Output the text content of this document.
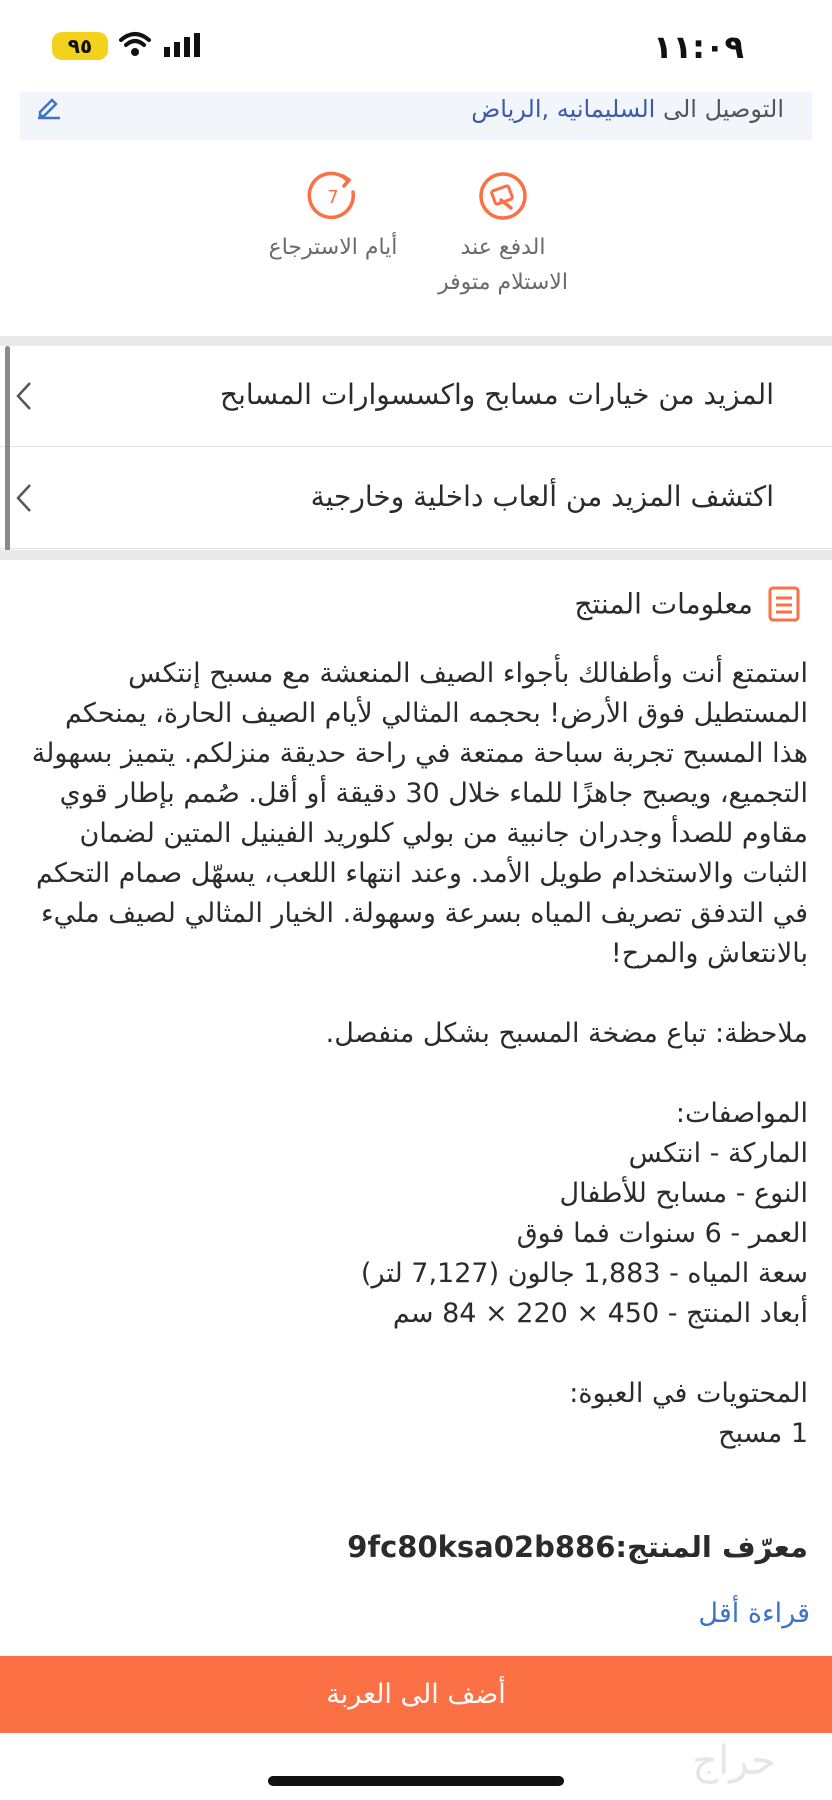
١١:٠٩
٩٥
التوصيل الى السليمانيه ,الرياض
الدفع عند
الاستلام متوفر
7
أيام الاسترجاع
المزيد من خيارات مسابح واكسسوارات المسابح
اكتشف المزيد من ألعاب داخلية وخارجية
معلومات المنتج

استمتع أنت وأطفالك بأجواء الصيف المنعشة مع مسبح إنتكس المستطيل فوق الأرض! بحجمه المثالي لأيام الصيف الحارة، يمنحكم هذا المسبح تجربة سباحة ممتعة في راحة حديقة منزلكم. يتميز بسهولة التجميع، ويصبح جاهزًا للماء خلال 30 دقيقة أو أقل. صُمم بإطار قوي مقاوم للصدأ وجدران جانبية من بولي كلوريد الفينيل المتين لضمان الثبات والاستخدام طويل الأمد. وعند انتهاء اللعب، يسهّل صمام التحكم في التدفق تصريف المياه بسرعة وسهولة. الخيار المثالي لصيف مليء بالانتعاش والمرح!

ملاحظة: تباع مضخة المسبح بشكل منفصل.

المواصفات:

الماركة - انتكس

النوع - مسابح للأطفال

العمر - 6 سنوات فما فوق

سعة المياه - 1,883 جالون (7,127 لتر)

أبعاد المنتج - 450 × 220 × 84 سم

المحتويات في العبوة:

1 مسبح

معرّف المنتج:9fc80ksa02b886
قراءة أقل
أضف الى العربة
حراج
